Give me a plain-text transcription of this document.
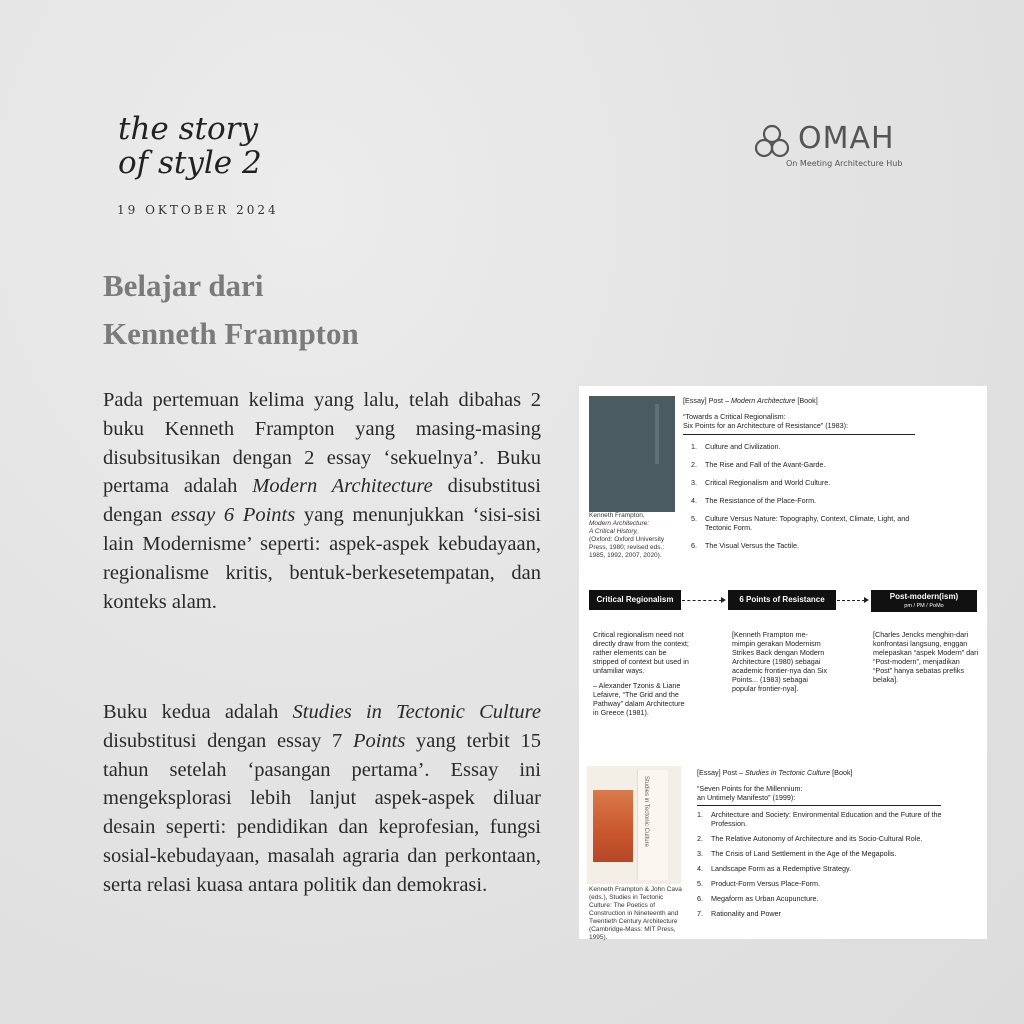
the story
of style 2
19 OKTOBER 2024
OMAH
On Meeting Architecture Hub
Belajar dari
Kenneth Frampton
Pada pertemuan kelima yang lalu, telah dibahas 2 buku Kenneth Frampton yang masing-masing disubsitusikan dengan 2 essay ‘sekuelnya’. Buku pertama adalah Modern Architecture disubstitusi dengan essay 6 Points yang menunjukkan ‘sisi-sisi lain Modernisme’ seperti: aspek-aspek kebudayaan, regionalisme kritis, bentuk-berkesetempatan, dan konteks alam.
Buku kedua adalah Studies in Tectonic Culture disubstitusi dengan essay 7 Points yang terbit 15 tahun setelah ‘pasangan pertama’. Essay ini mengeksplorasi lebih lanjut aspek-aspek diluar desain seperti: pendidikan dan keprofesian, fungsi sosial-kebudayaan, masalah agraria dan perkontaan, serta relasi kuasa antara politik dan demokrasi.
Kenneth Frampton,
Modern Architecture:
A Critical History,
(Oxford: Oxford University Press, 1980; revised eds.: 1985, 1992, 2007, 2020).
[Essay] Post – Modern Architecture [Book]
“Towards a Critical Regionalism:
Six Points for an Architecture of Resistance” (1983):
1. Culture and Civilization.
2. The Rise and Fall of the Avant-Garde.
3. Critical Regionalism and World Culture.
4. The Resistance of the Place-Form.
5. Culture Versus Nature: Topography, Context, Climate, Light, and Tectonic Form.
6. The Visual Versus the Tactile.
Critical Regionalism	6 Points of Resistance	Post-modern(ism)
pm / PM / PoMo
Critical regionalism need not directly draw from the context; rather elements can be stripped of context but used in unfamiliar ways.
– Alexander Tzonis & Liane Lefaivre, “The Grid and the Pathway” dalam Architecture in Greece (1981).
[Kenneth Frampton me-mimpin gerakan Modernism Strikes Back dengan Modern Architecture (1980) sebagai academic frontier-nya dan Six Points... (1983) sebagai popular frontier-nya].
[Charles Jencks menghin-dari konfrontasi langsung, enggan melepaskan “aspek Modern” dari “Post-modern”, menjadikan “Post” hanya sebatas prefiks belaka].
Studies in Tectonic Culture
Kenneth Frampton & John Cava (eds.), Studies in Tectonic Culture: The Poetics of Construction in Nineteenth and Twentieth Century Architecture (Cambridge-Mass: MIT Press, 1995).
[Essay] Post – Studies in Tectonic Culture [Book]
“Seven Points for the Millennium:
an Untimely Manifesto” (1999):
1. Architecture and Society: Environmental Education and the Future of the Profession.
2. The Relative Autonomy of Architecture and its Socio-Cultural Role.
3. The Crisis of Land Settlement in the Age of the Megapolis.
4. Landscape Form as a Redemptive Strategy.
5. Product-Form Versus Place-Form.
6. Megaform as Urban Acupuncture.
7. Rationality and Power
